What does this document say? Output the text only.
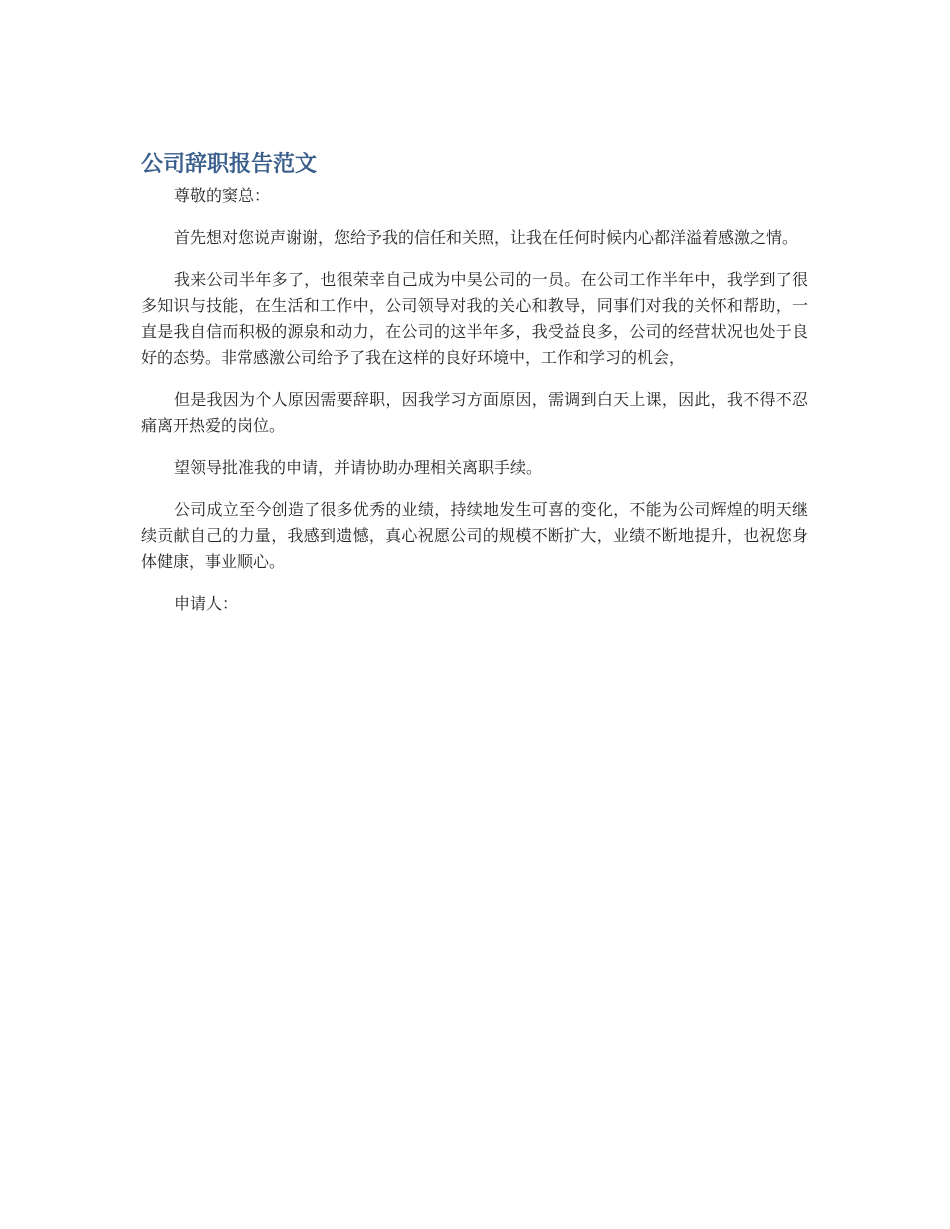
公司辞职报告范文

尊敬的窦总：

首先想对您说声谢谢，您给予我的信任和关照，让我在任何时候内心都洋溢着感激之情。

我来公司半年多了，也很荣幸自己成为中昊公司的一员。在公司工作半年中，我学到了很多知识与技能，在生活和工作中，公司领导对我的关心和教导，同事们对我的关怀和帮助，一直是我自信而积极的源泉和动力，在公司的这半年多，我受益良多，公司的经营状况也处于良好的态势。非常感激公司给予了我在这样的良好环境中，工作和学习的机会，

但是我因为个人原因需要辞职，因我学习方面原因，需调到白天上课，因此，我不得不忍痛离开热爱的岗位。

望领导批准我的申请，并请协助办理相关离职手续。

公司成立至今创造了很多优秀的业绩，持续地发生可喜的变化，不能为公司辉煌的明天继续贡献自己的力量，我感到遗憾，真心祝愿公司的规模不断扩大，业绩不断地提升，也祝您身体健康，事业顺心。

申请人：
